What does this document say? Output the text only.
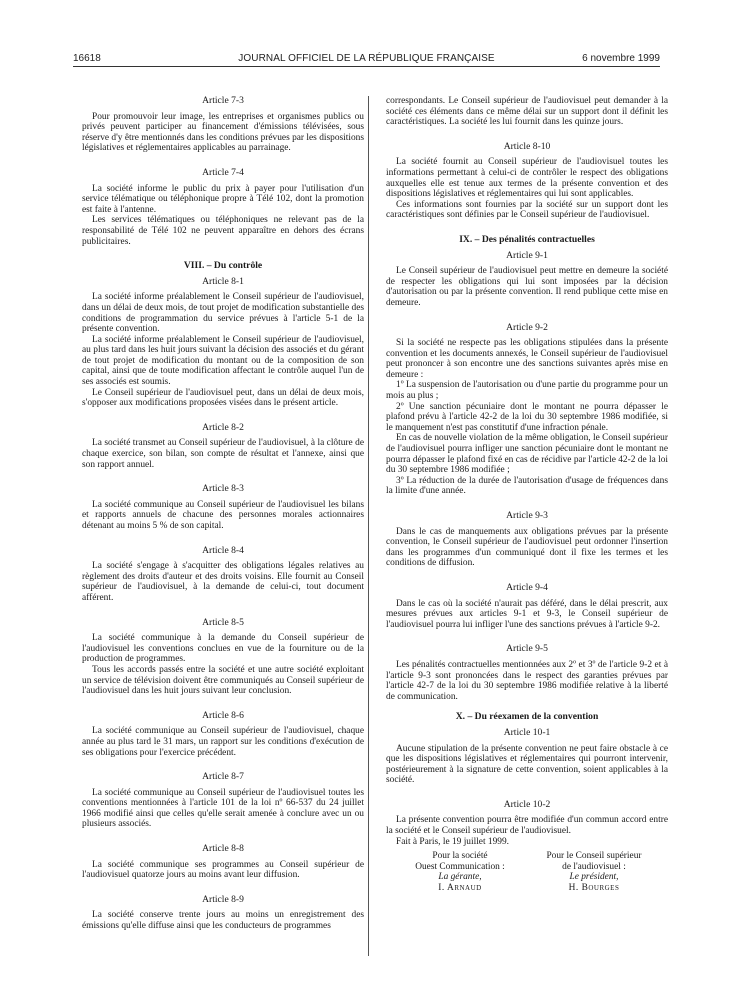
16618	JOURNAL OFFICIEL DE LA RÉPUBLIQUE FRANÇAISE	6 novembre 1999
Article 7-3

Pour promouvoir leur image, les entreprises et organismes publics ou privés peuvent participer au financement d'émissions télévisées, sous réserve d'y être mentionnés dans les conditions prévues par les dispositions législatives et réglementaires applicables au parrainage.

Article 7-4

La société informe le public du prix à payer pour l'utilisation d'un service télématique ou téléphonique propre à Télé 102, dont la promotion est faite à l'antenne.

Les services télématiques ou téléphoniques ne relevant pas de la responsabilité de Télé 102 ne peuvent apparaître en dehors des écrans publicitaires.

VIII. – Du contrôle
Article 8-1

La société informe préalablement le Conseil supérieur de l'audiovisuel, dans un délai de deux mois, de tout projet de modification substantielle des conditions de programmation du service prévues à l'article 5-1 de la présente convention.

La société informe préalablement le Conseil supérieur de l'audiovisuel, au plus tard dans les huit jours suivant la décision des associés et du gérant de tout projet de modification du montant ou de la composition de son capital, ainsi que de toute modification affectant le contrôle auquel l'un de ses associés est soumis.

Le Conseil supérieur de l'audiovisuel peut, dans un délai de deux mois, s'opposer aux modifications proposées visées dans le présent article.

Article 8-2

La société transmet au Conseil supérieur de l'audiovisuel, à la clôture de chaque exercice, son bilan, son compte de résultat et l'annexe, ainsi que son rapport annuel.

Article 8-3

La société communique au Conseil supérieur de l'audiovisuel les bilans et rapports annuels de chacune des personnes morales actionnaires détenant au moins 5 % de son capital.

Article 8-4

La société s'engage à s'acquitter des obligations légales relatives au règlement des droits d'auteur et des droits voisins. Elle fournit au Conseil supérieur de l'audiovisuel, à la demande de celui-ci, tout document afférent.

Article 8-5

La société communique à la demande du Conseil supérieur de l'audiovisuel les conventions conclues en vue de la fourniture ou de la production de programmes.

Tous les accords passés entre la société et une autre société exploitant un service de télévision doivent être communiqués au Conseil supérieur de l'audiovisuel dans les huit jours suivant leur conclusion.

Article 8-6

La société communique au Conseil supérieur de l'audiovisuel, chaque année au plus tard le 31 mars, un rapport sur les conditions d'exécution de ses obligations pour l'exercice précédent.

Article 8-7

La société communique au Conseil supérieur de l'audiovisuel toutes les conventions mentionnées à l'article 101 de la loi nº 66-537 du 24 juillet 1966 modifié ainsi que celles qu'elle serait amenée à conclure avec un ou plusieurs associés.

Article 8-8

La société communique ses programmes au Conseil supérieur de l'audiovisuel quatorze jours au moins avant leur diffusion.

Article 8-9

La société conserve trente jours au moins un enregistrement des émissions qu'elle diffuse ainsi que les conducteurs de programmes

correspondants. Le Conseil supérieur de l'audiovisuel peut demander à la société ces éléments dans ce même délai sur un support dont il définit les caractéristiques. La société les lui fournit dans les quinze jours.

Article 8-10

La société fournit au Conseil supérieur de l'audiovisuel toutes les informations permettant à celui-ci de contrôler le respect des obligations auxquelles elle est tenue aux termes de la présente convention et des dispositions législatives et réglementaires qui lui sont applicables.

Ces informations sont fournies par la société sur un support dont les caractéristiques sont définies par le Conseil supérieur de l'audiovisuel.

IX. – Des pénalités contractuelles
Article 9-1

Le Conseil supérieur de l'audiovisuel peut mettre en demeure la société de respecter les obligations qui lui sont imposées par la décision d'autorisation ou par la présente convention. Il rend publique cette mise en demeure.

Article 9-2

Si la société ne respecte pas les obligations stipulées dans la présente convention et les documents annexés, le Conseil supérieur de l'audiovisuel peut prononcer à son encontre une des sanctions suivantes après mise en demeure :

1º La suspension de l'autorisation ou d'une partie du programme pour un mois au plus ;

2º Une sanction pécuniaire dont le montant ne pourra dépasser le plafond prévu à l'article 42-2 de la loi du 30 septembre 1986 modifiée, si le manquement n'est pas constitutif d'une infraction pénale.

En cas de nouvelle violation de la même obligation, le Conseil supérieur de l'audiovisuel pourra infliger une sanction pécuniaire dont le montant ne pourra dépasser le plafond fixé en cas de récidive par l'article 42-2 de la loi du 30 septembre 1986 modifiée ;

3º La réduction de la durée de l'autorisation d'usage de fréquences dans la limite d'une année.

Article 9-3

Dans le cas de manquements aux obligations prévues par la présente convention, le Conseil supérieur de l'audiovisuel peut ordonner l'insertion dans les programmes d'un communiqué dont il fixe les termes et les conditions de diffusion.

Article 9-4

Dans le cas où la société n'aurait pas déféré, dans le délai prescrit, aux mesures prévues aux articles 9-1 et 9-3, le Conseil supérieur de l'audiovisuel pourra lui infliger l'une des sanctions prévues à l'article 9-2.

Article 9-5

Les pénalités contractuelles mentionnées aux 2º et 3º de l'article 9-2 et à l'article 9-3 sont prononcées dans le respect des garanties prévues par l'article 42-7 de la loi du 30 septembre 1986 modifiée relative à la liberté de communication.

X. – Du réexamen de la convention
Article 10-1

Aucune stipulation de la présente convention ne peut faire obstacle à ce que les dispositions législatives et réglementaires qui pourront intervenir, postérieurement à la signature de cette convention, soient applicables à la société.

Article 10-2

La présente convention pourra être modifiée d'un commun accord entre la société et le Conseil supérieur de l'audiovisuel.

Fait à Paris, le 19 juillet 1999.

Pour la société
Ouest Communication :
La gérante,
I. Arnaud
Pour le Conseil supérieur
de l'audiovisuel :
Le président,
H. Bourges
